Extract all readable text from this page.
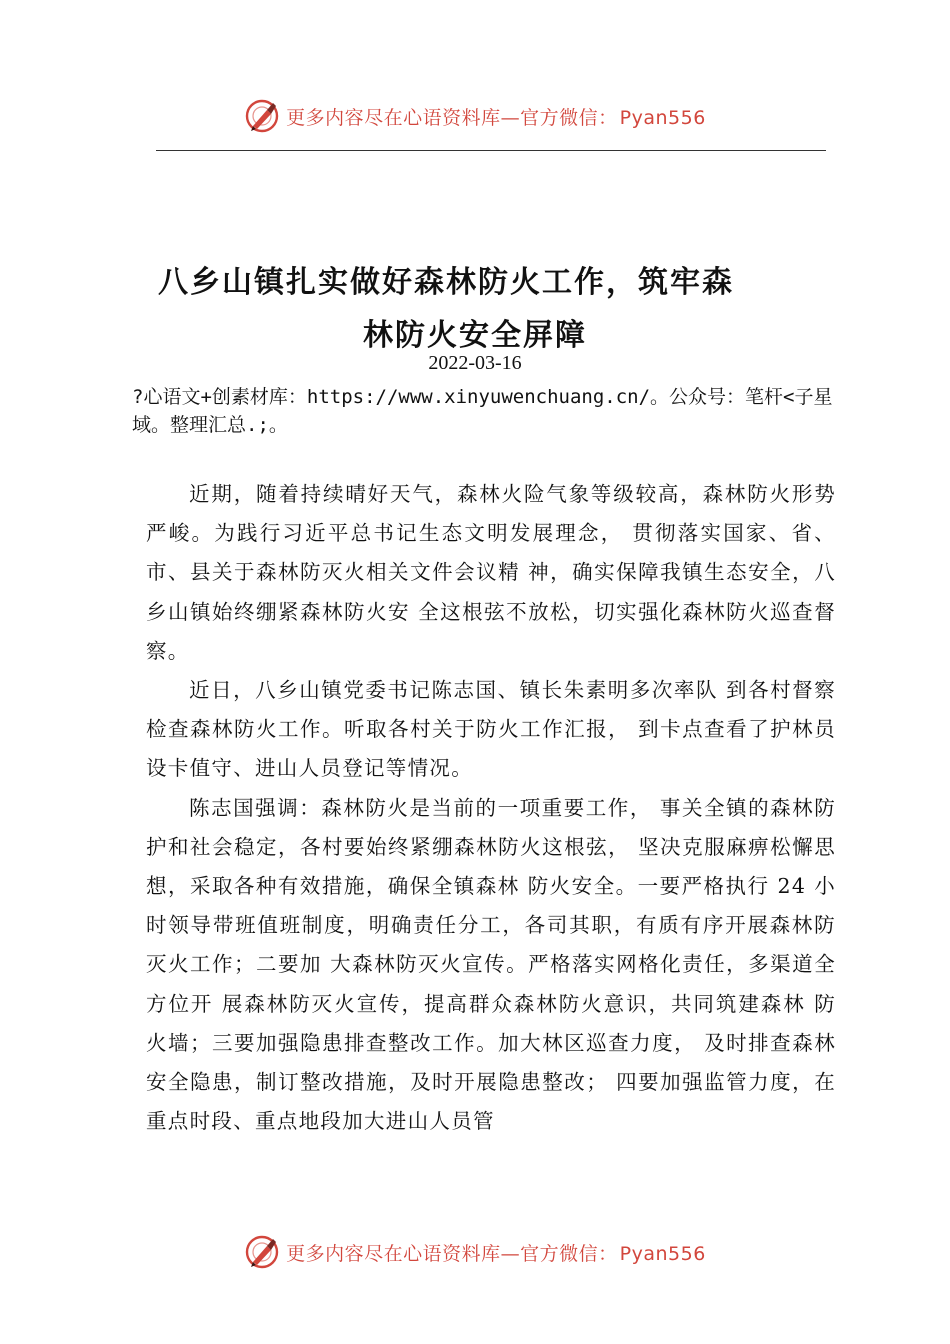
更多内容尽在心语资料库—官方微信： Pyan556
八乡山镇扎实做好森林防火工作，筑牢森
林防火安全屏障
2022-03-16

?心语文+创素材库：https://www.xinyuwenchuang.cn/。公众号：笔杆<子星域。整理汇总.;。

近期，随着持续晴好天气，森林火险气象等级较高，森林防火形势严峻。为践行习近平总书记生态文明发展理念， 贯彻落实国家、省、市、县关于森林防灭火相关文件会议精 神，确实保障我镇生态安全，八乡山镇始终绷紧森林防火安 全这根弦不放松，切实强化森林防火巡查督察。

近日，八乡山镇党委书记陈志国、镇长朱素明多次率队 到各村督察检查森林防火工作。听取各村关于防火工作汇报， 到卡点查看了护林员设卡值守、进山人员登记等情况。

陈志国强调：森林防火是当前的一项重要工作， 事关全镇的森林防护和社会稳定，各村要始终紧绷森林防火这根弦， 坚决克服麻痹松懈思想，采取各种有效措施，确保全镇森林 防火安全。一要严格执行 24 小时领导带班值班制度，明确责任分工，各司其职，有质有序开展森林防灭火工作；二要加 大森林防灭火宣传。严格落实网格化责任，多渠道全方位开 展森林防灭火宣传，提高群众森林防火意识，共同筑建森林 防火墙；三要加强隐患排查整改工作。加大林区巡查力度， 及时排查森林安全隐患，制订整改措施，及时开展隐患整改； 四要加强监管力度，在重点时段、重点地段加大进山人员管

更多内容尽在心语资料库—官方微信： Pyan556
